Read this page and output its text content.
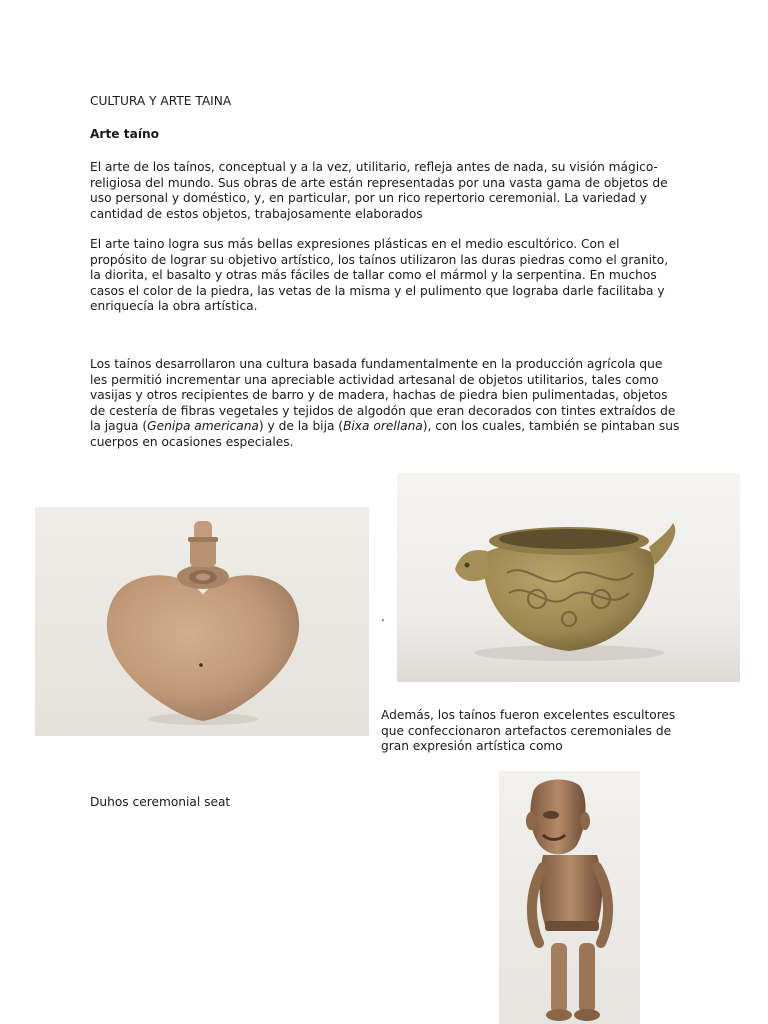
CULTURA Y ARTE TAINA
Arte taíno
El arte de los taínos, conceptual y a la vez, utilitario, refleja antes de nada, su visión mágico-religiosa del mundo. Sus obras de arte están representadas por una vasta gama de objetos de uso personal y doméstico, y, en particular, por un rico repertorio ceremonial. La variedad y cantidad de estos objetos, trabajosamente elaborados
El arte taino logra sus más bellas expresiones plásticas en el medio escultórico. Con el propósito de lograr su objetivo artístico, los taínos utilizaron las duras piedras como el granito, la diorita, el basalto y otras más fáciles de tallar como el mármol y la serpentina. En muchos casos el color de la piedra, las vetas de la misma y el pulimento que lograba darle facilitaba y enriquecía la obra artística.
Los taínos desarrollaron una cultura basada fundamentalmente en la producción agrícola que les permitió incrementar una apreciable actividad artesanal de objetos utilitarios, tales como vasijas y otros recipientes de barro y de madera, hachas de piedra bien pulimentadas, objetos de cestería de fibras vegetales y tejidos de algodón que eran decorados con tintes extraídos de la jagua (Genipa americana) y de la bija (Bixa orellana), con los cuales, también se pintaban sus cuerpos en ocasiones especiales.
.
Además, los taínos fueron excelentes escultores que confeccionaron artefactos ceremoniales de gran expresión artística como
Duhos ceremonial seat
